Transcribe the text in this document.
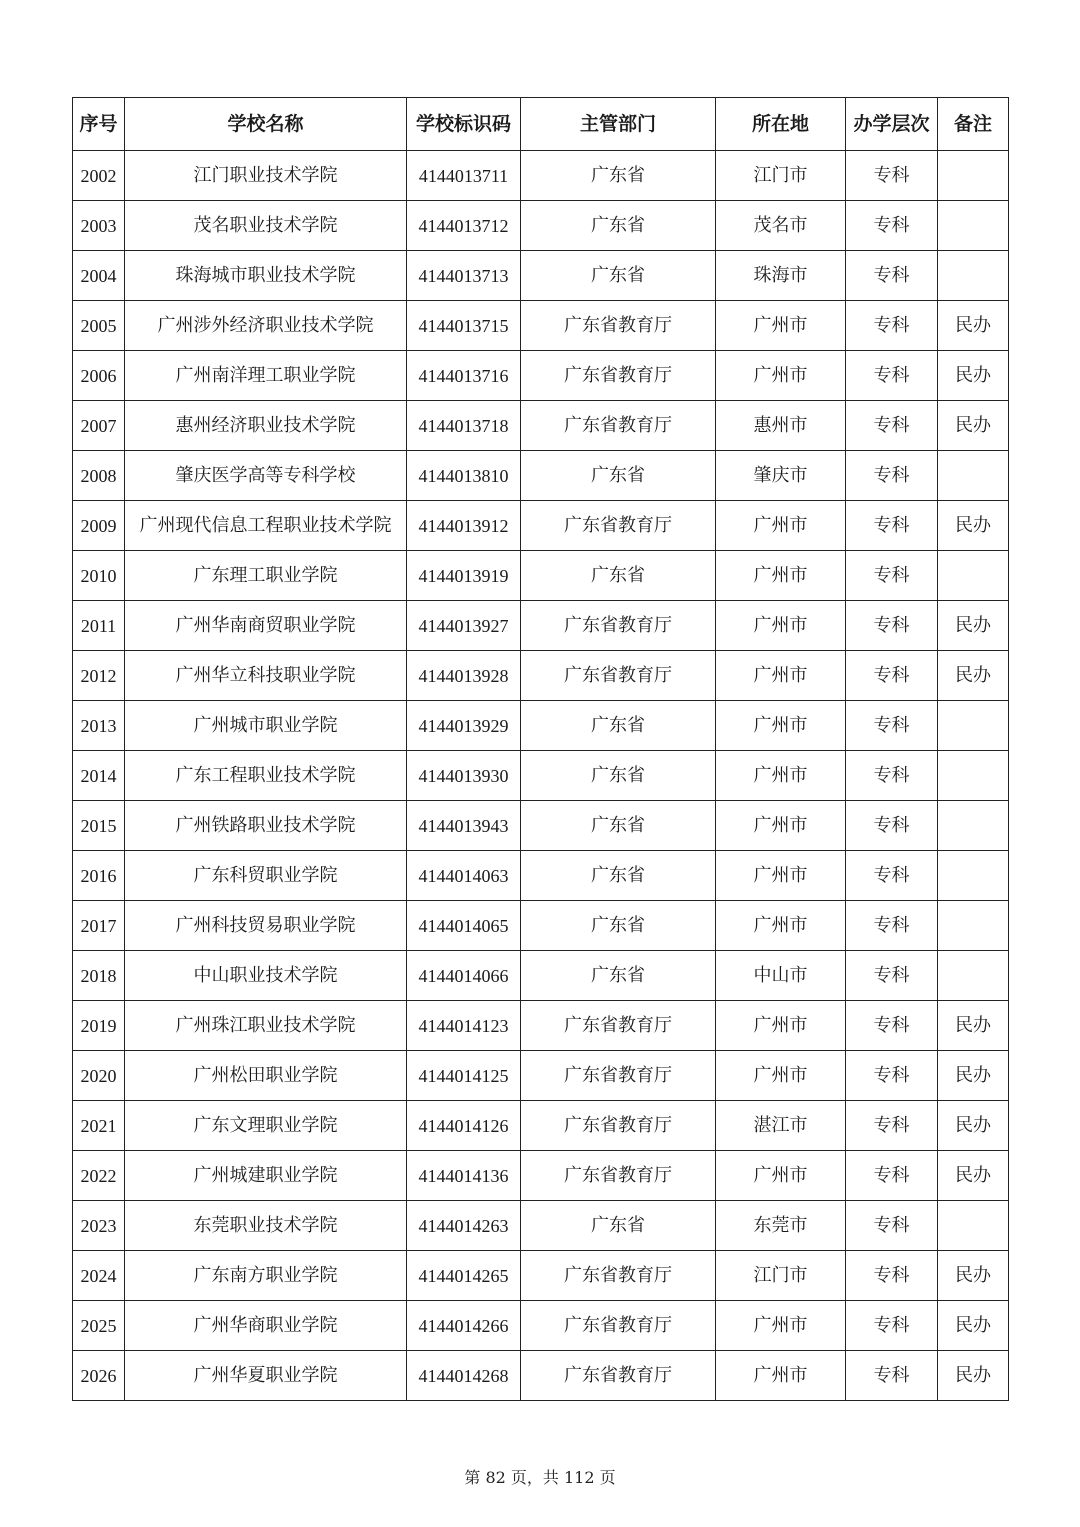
序号	学校名称	学校标识码	主管部门	所在地	办学层次	备注
2002	江门职业技术学院	4144013711	广东省	江门市	专科	
2003	茂名职业技术学院	4144013712	广东省	茂名市	专科	
2004	珠海城市职业技术学院	4144013713	广东省	珠海市	专科	
2005	广州涉外经济职业技术学院	4144013715	广东省教育厅	广州市	专科	民办
2006	广州南洋理工职业学院	4144013716	广东省教育厅	广州市	专科	民办
2007	惠州经济职业技术学院	4144013718	广东省教育厅	惠州市	专科	民办
2008	肇庆医学高等专科学校	4144013810	广东省	肇庆市	专科	
2009	广州现代信息工程职业技术学院	4144013912	广东省教育厅	广州市	专科	民办
2010	广东理工职业学院	4144013919	广东省	广州市	专科	
2011	广州华南商贸职业学院	4144013927	广东省教育厅	广州市	专科	民办
2012	广州华立科技职业学院	4144013928	广东省教育厅	广州市	专科	民办
2013	广州城市职业学院	4144013929	广东省	广州市	专科	
2014	广东工程职业技术学院	4144013930	广东省	广州市	专科	
2015	广州铁路职业技术学院	4144013943	广东省	广州市	专科	
2016	广东科贸职业学院	4144014063	广东省	广州市	专科	
2017	广州科技贸易职业学院	4144014065	广东省	广州市	专科	
2018	中山职业技术学院	4144014066	广东省	中山市	专科	
2019	广州珠江职业技术学院	4144014123	广东省教育厅	广州市	专科	民办
2020	广州松田职业学院	4144014125	广东省教育厅	广州市	专科	民办
2021	广东文理职业学院	4144014126	广东省教育厅	湛江市	专科	民办
2022	广州城建职业学院	4144014136	广东省教育厅	广州市	专科	民办
2023	东莞职业技术学院	4144014263	广东省	东莞市	专科	
2024	广东南方职业学院	4144014265	广东省教育厅	江门市	专科	民办
2025	广州华商职业学院	4144014266	广东省教育厅	广州市	专科	民办
2026	广州华夏职业学院	4144014268	广东省教育厅	广州市	专科	民办
第 82 页，共 112 页
